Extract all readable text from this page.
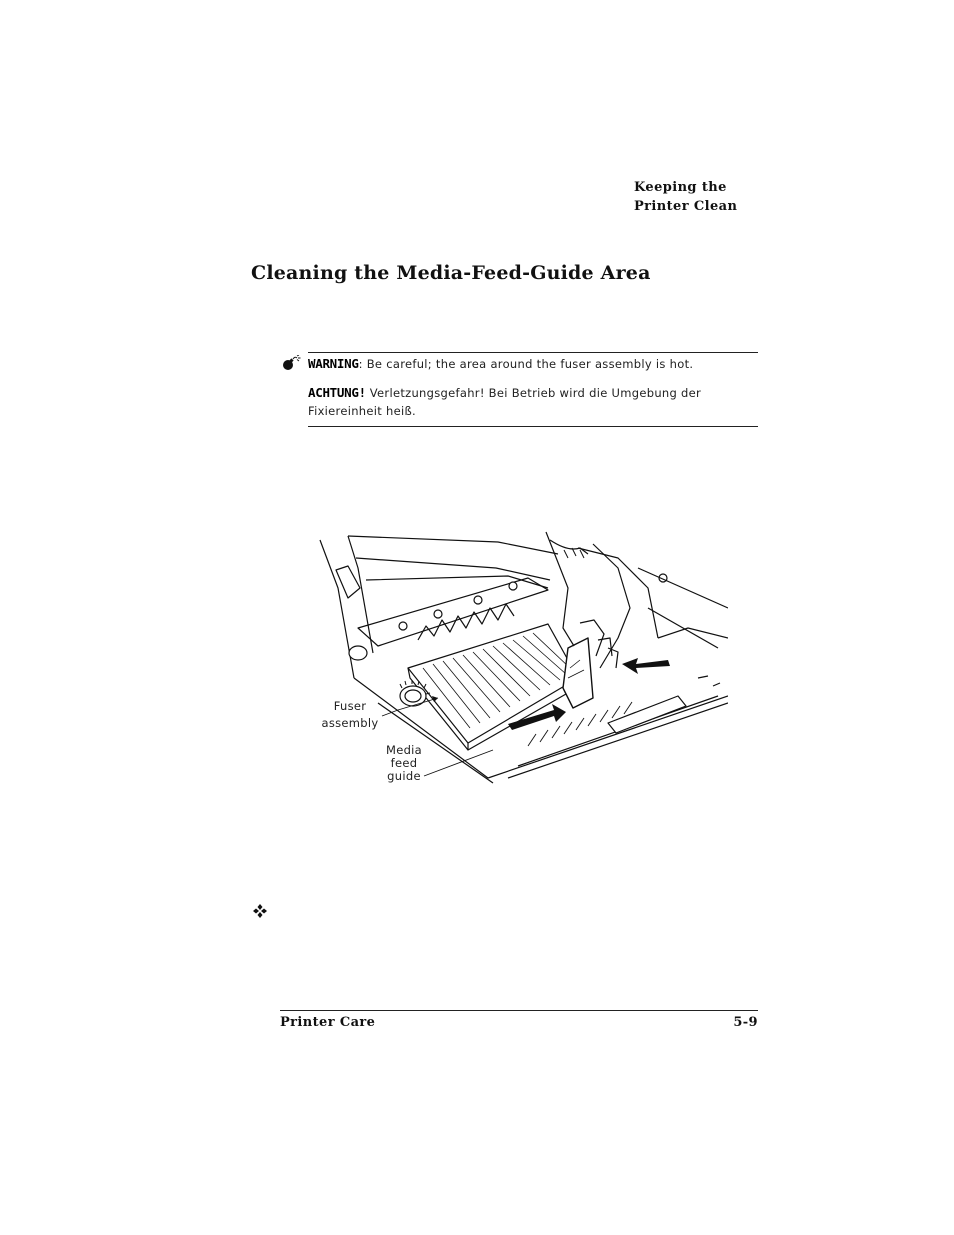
Keeping the
Printer Clean
Cleaning the Media-Feed-Guide Area
WARNING: Be careful; the area around the fuser assembly is hot.
ACHTUNG! Verletzungsgefahr! Bei Betrieb wird die Umgebung der
Fixiereinheit heiß.
Fuser
assembly
Media
feed
guide
Printer Care	5-9
